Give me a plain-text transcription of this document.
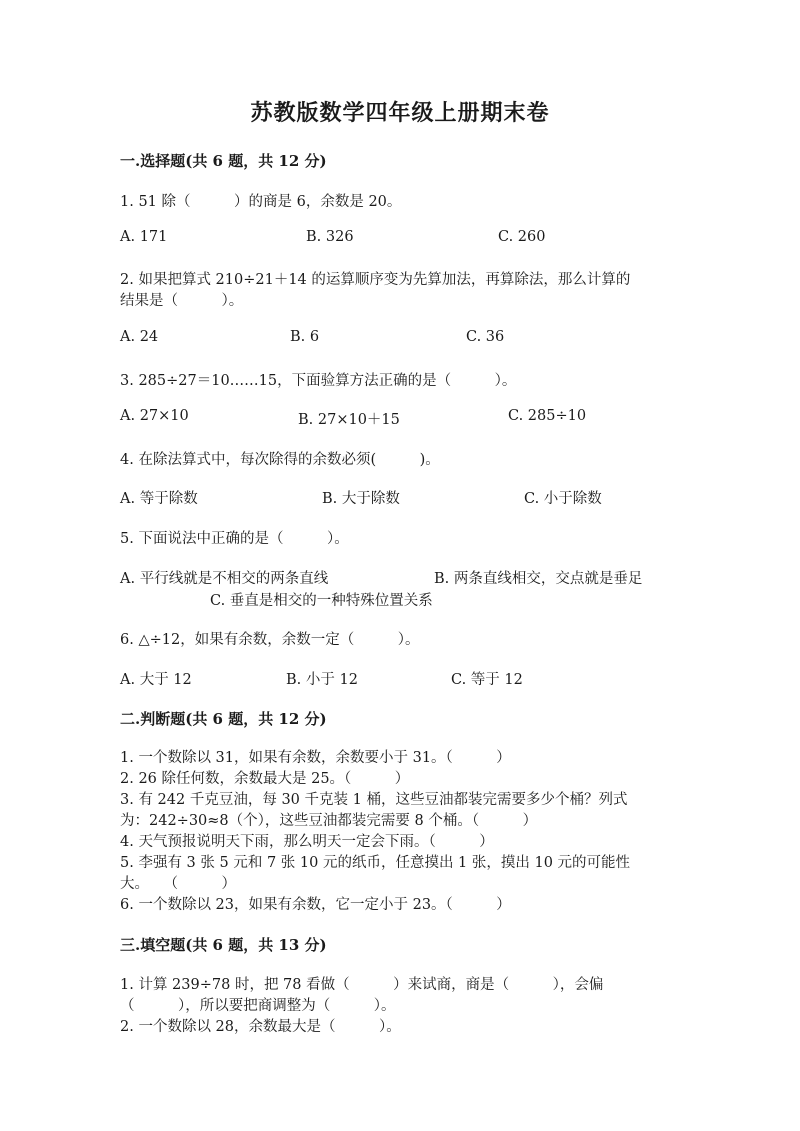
苏教版数学四年级上册期末卷
一.选择题(共 6 题，共 12 分)
1. 51 除（　　　）的商是 6，余数是 20。
A. 171	B. 326	C. 260
2. 如果把算式 210÷21＋14 的运算顺序变为先算加法，再算除法，那么计算的
结果是（　　　）。
A. 24	B. 6	C. 36
3. 285÷27＝10……15，下面验算方法正确的是（　　　）。
A. 27×10	B. 27×10＋15	C. 285÷10
4. 在除法算式中，每次除得的余数必须(　　　)。
A. 等于除数	B. 大于除数	C. 小于除数
5. 下面说法中正确的是（　　　）。
A. 平行线就是不相交的两条直线	B. 两条直线相交，交点就是垂足
C. 垂直是相交的一种特殊位置关系
6. △÷12，如果有余数，余数一定（　　　）。
A. 大于 12	B. 小于 12	C. 等于 12
二.判断题(共 6 题，共 12 分)
1. 一个数除以 31，如果有余数，余数要小于 31。（　　　）
2. 26 除任何数，余数最大是 25。（　　　）
3. 有 242 千克豆油，每 30 千克装 1 桶，这些豆油都装完需要多少个桶？列式
为：242÷30≈8（个），这些豆油都装完需要 8 个桶。（　　　）
4. 天气预报说明天下雨，那么明天一定会下雨。（　　　）
5. 李强有 3 张 5 元和 7 张 10 元的纸币，任意摸出 1 张，摸出 10 元的可能性
大。　　（　　　）
6. 一个数除以 23，如果有余数，它一定小于 23。（　　　）
三.填空题(共 6 题，共 13 分)
1. 计算 239÷78 时，把 78 看做（　　　）来试商，商是（　　　），会偏
（　　　），所以要把商调整为（　　　）。
2. 一个数除以 28，余数最大是（　　　）。
